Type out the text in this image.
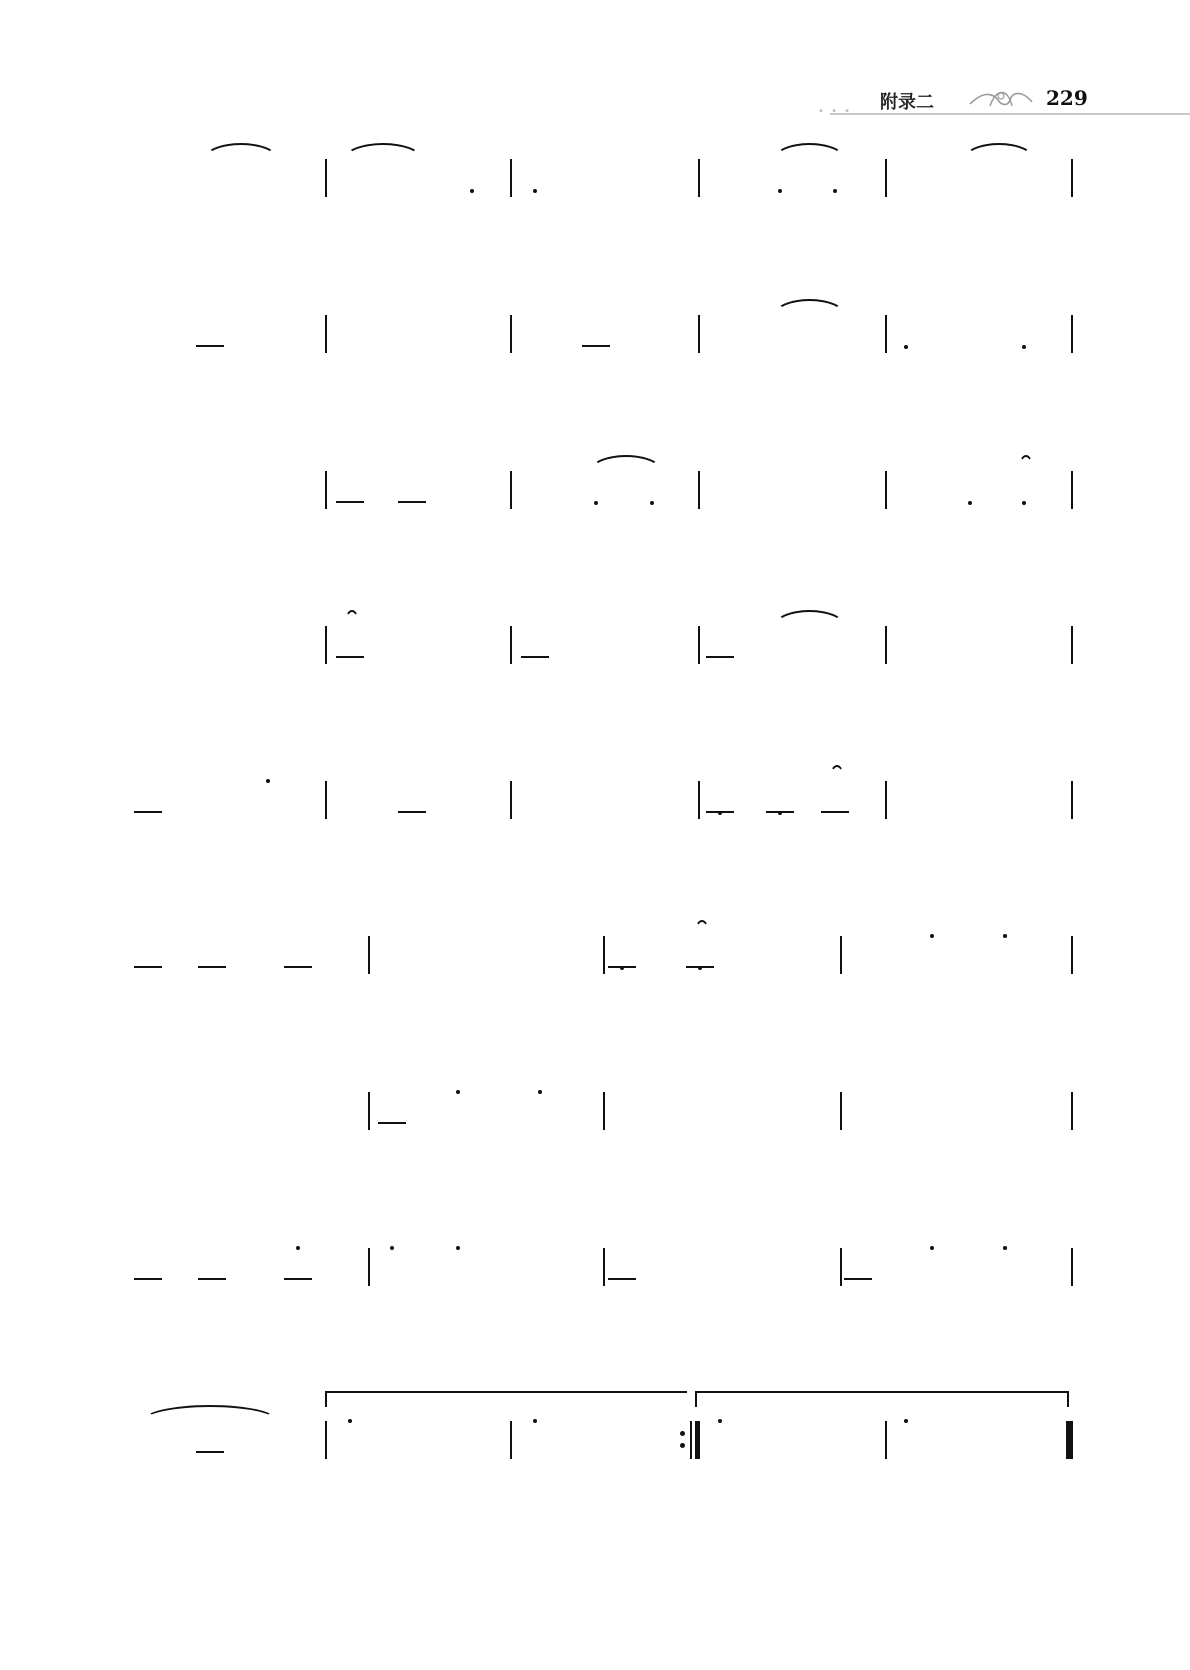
• • • 附录二	229
